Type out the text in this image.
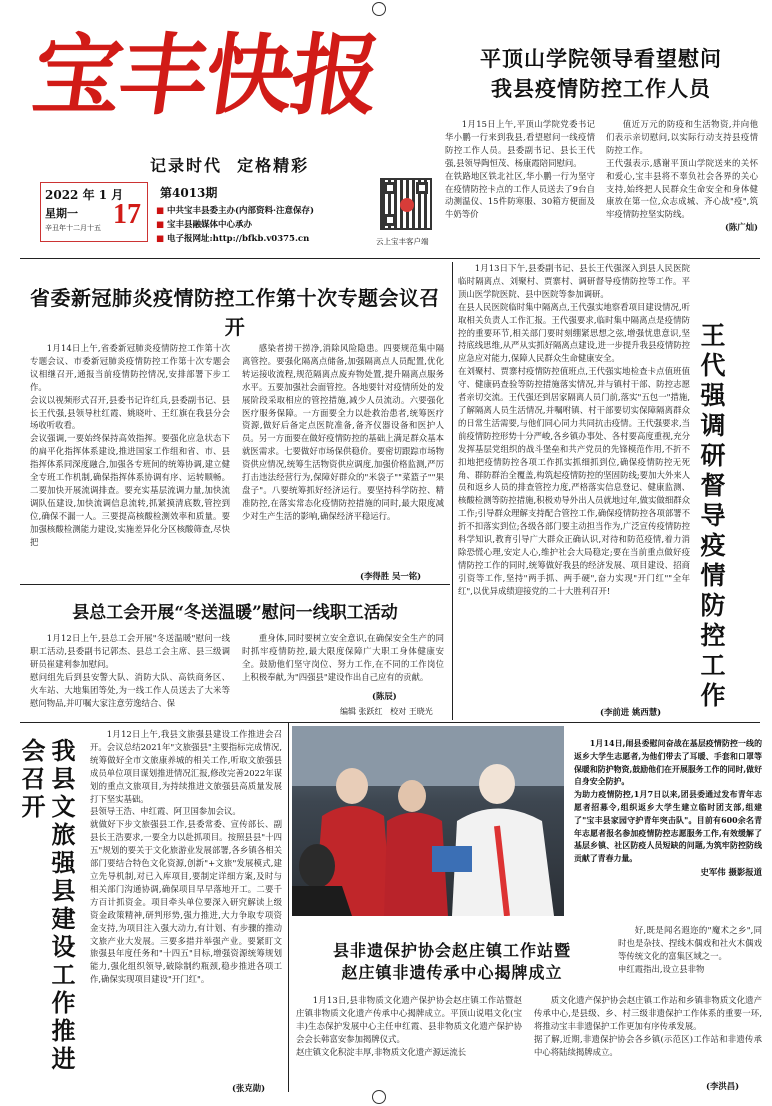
宝丰快报
记录时代  定格精彩
2022 年 1 月
星期一
辛丑年十二月十五 17
第4013期
■ 中共宝丰县委主办(内部资料·注意保存)
■ 宝丰县融媒体中心承办
■ 电子报网址:http://bfkb.v0375.cn	云上宝丰客户端
平顶山学院领导看望慰问
我县疫情防控工作人员

1月15日上午,平顶山学院党委书记华小鹏一行来到我县,看望慰问一线疫情防控工作人员。县委副书记、县长王代强,县领导陶恒茂、杨康霞陪同慰问。
在铁路地区铁北社区,华小鹏一行为坚守在疫情防控卡点的工作人员送去了9台自动测温仪、15件防寒服、30箱方便面及牛奶等价

值近万元的防疫和生活物资,并向他们表示亲切慰问,以实际行动支持县疫情防控工作。
王代强表示,感谢平顶山学院送来的关怀和爱心,宝丰县将不辜负社会各界的关心支持,始终把人民群众生命安全和身体健康放在第一位,众志成城、齐心战"疫",筑牢疫情防控坚实防线。

(陈广灿)
省委新冠肺炎疫情防控工作第十次专题会议召开

1月14日上午,省委新冠肺炎疫情防控工作第十次专题会议、市委新冠肺炎疫情防控工作第十次专题会议相继召开,通报当前疫情防控情况,安排部署下步工作。
会议以视频形式召开,县委书记许红兵,县委副书记、县长王代强,县领导杜红霞、姚晓叶、王红旗在我县分会场收听收看。
会议强调,一要始终保持高效指挥。要强化应急状态下的扁平化指挥体系建设,推进国家工作组和省、市、县指挥体系同深度融合,加强各专班间的统筹协调,建立健全专班工作机制,确保指挥体系协调有序、运转顺畅。二要加快开展流调排查。要充实基层流调力量,加快流调队伍建设,加快流调信息流转,抓紧摸清底数,管控到位,确保不漏一人。三要提高核酸检测效率和质量。要加强核酸检测能力建设,实施差异化分区核酸筛查,尽快把

感染者捞干捞净,消除风险隐患。四要规范集中隔离管控。要强化隔离点储备,加强隔离点人员配置,优化转运接收流程,规范隔离点废弃物处置,提升隔离点服务水平。五要加强社会面管控。各地要针对疫情所处的发展阶段采取相应的管控措施,减少人员流动。六要强化医疗服务保障。一方面要全力以赴救治患者,统筹医疗资源,做好后备定点医院准备,备齐仪器设备和医护人员。另一方面要在做好疫情防控的基础上满足群众基本就医需求。七要做好市场保供稳价。要密切跟踪市场物资供应情况,统筹生活物资供应调度,加强价格监测,严厉打击违法经营行为,保障好群众的"米袋子""菜篮子""果盘子"。八要统筹抓好经济运行。要坚持科学防控、精准防控,在落实常态化疫情防控措施的同时,最大限度减少对生产生活的影响,确保经济平稳运行。

(李得胜 吴一铭)
县总工会开展“冬送温暖”慰问一线职工活动

1月12日上午,县总工会开展"冬送温暖"慰问一线职工活动,县委副书记郭杰、县总工会主席、县三级调研员崔建利参加慰问。
慰问组先后到县安警大队、消防大队、高铁商务区、火车站、大地集团等处,为一线工作人员送去了大米等慰问物品,并叮嘱大家注意劳逸结合、保

重身体,同时要树立安全意识,在确保安全生产的同时抓牢疫情防控,最大限度保障广大职工身体健康安全。鼓励他们坚守岗位、努力工作,在不同的工作岗位上积极奉献,为"四强县"建设作出自己应有的贡献。

(陈辰)
编辑 张跃红   校对 王晓光

1月13日下午,县委副书记、县长王代强深入到县人民医院临时隔离点、刘聚村、贾寨村、调研督导疫情防控等工作。平顶山医学院医院、县中医院等参加调研。
在县人民医院临时集中隔离点,王代强实地察看项目建设情况,听取相关负责人工作汇报。王代强要求,临时集中隔离点是疫情防控的重要环节,相关部门要时刻绷紧思想之弦,增强忧患意识,坚持底线思维,从严从实抓好隔离点建设,进一步提升我县疫情防控应急应对能力,保障人民群众生命健康安全。
在刘聚村、贾寨村疫情防控值班点,王代强实地检查卡点值班值守、健康码查验等防控措施落实情况,并与镇村干部、防控志愿者亲切交流。王代强还到居家隔离人员门前,落实"五包一"措施,了解隔离人员生活情况,并嘱咐镇、村干部要切实保障隔离群众的日常生活需要,与他们同心同力共同抗击疫情。王代强要求,当前疫情防控形势十分严峻,各乡镇办事处、各村要高度重视,充分发挥基层党组织的战斗堡垒和共产党员的先锋模范作用,不折不扣地把疫情防控各项工作抓实抓细抓到位,确保疫情防控无死角、群防群治全覆盖,构筑起疫情防控的坚固防线;要加大外来人员和返乡人员的排查管控力度,严格落实信息登记、健康监测、核酸检测等防控措施,积极劝导外出人员就地过年,做实做细群众工作;引导群众理解支持配合管控工作,确保疫情防控各项部署不折不扣落实到位;各级各部门要主动担当作为,广泛宣传疫情防控科学知识,教育引导广大群众正确认识,对待和防范疫情,着力消除恐慌心理,安定人心,维护社会大局稳定;要在当前重点做好疫情防控工作的同时,统筹做好我县的经济发展、项目建设、招商引资等工作,坚持"两手抓、两手硬",奋力实现"开门红""全年红",以优异成绩迎接党的二十大胜利召开!

(李前进 姚西慧) 王代强调研督导疫情防控工作
我县文旅强县建设工作推进会召开

1月12日上午,我县文旅强县建设工作推进会召开。会议总结2021年"文旅强县"主要指标完成情况,统筹做好全市文旅康养城的相关工作,听取文旅强县成员单位项目谋划推进情况汇报,修改完善2022年谋划的重点文旅项目,为持续推进文旅强县高质量发展打下坚实基础。
县领导王浩、申红霞、阿卫国参加会议。
就做好下步文旅强县工作,县委常委、宣传部长、副县长王浩要求,一要全力以赴抓项目。按照县县"十四五"规划的要关于文化旅游业发展部署,各乡镇各相关部门要结合特色文化资源,创新"+文旅"发展模式,建立先导机制,对已入库项目,要制定详细方案,及时与相关部门沟通协调,确保项目早早落地开工。二要千方百计抓资金。项目牵头单位要深入研究解读上级资金政策精神,研判形势,强力推进,大力争取专项资金支持,为项目注入强大动力,有计划、有步骤的推动文旅产业大发展。三要多措并举强产业。要紧盯文旅强县年度任务和"十四五"目标,增强资源统筹规划能力,强化组织领导,破除制约瓶颈,稳步推进各项工作,确保实现项目建设"开门红"。

(张克勋)

1月14日,闹县委慰问奋战在基层疫情防控一线的返乡大学生志愿者,为他们带去了耳暖、手套和口罩等保暖和防护物资,鼓励他们在开展服务工作的同时,做好自身安全防护。
为助力疫情防控,1月7日以来,团县委通过发布青年志愿者招募令,组织返乡大学生建立临时团支部,组建了"宝丰县家园守护青年突击队"。目前有600余名青年志愿者报名参加疫情防控志愿服务工作,有效缓解了基层乡镇、社区防疫人员短缺的问题,为筑牢防控防线贡献了青春力量。

史军伟 摄影报道
县非遗保护协会赵庄镇工作站暨
赵庄镇非遗传承中心揭牌成立

好,既是闻名遐迩的"魔术之乡",同时也是杂技、捏线木偶戏和社火木偶戏等传统文化的富集区域之一。
申红霞指出,设立县非物

1月13日,县非物质文化遗产保护协会赵庄镇工作站暨赵庄镇非物质文化遗产传承中心揭牌成立。平顶山说唱文化(宝丰)生态保护发展中心主任申红霞、县非物质文化遗产保护协会会长韩富安参加揭牌仪式。
赵庄镇文化积淀丰厚,非物质文化遗产源远流长

质文化遗产保护协会赵庄镇工作站和乡镇非物质文化遗产传承中心,是县级、乡、村三级非遗保护工作体系的重要一环,将推动宝丰非遗保护工作更加有序传承发展。
据了解,近期,非遗保护协会各乡镇(示范区)工作站和非遗传承中心将陆续揭牌成立。

(李洪昌)
